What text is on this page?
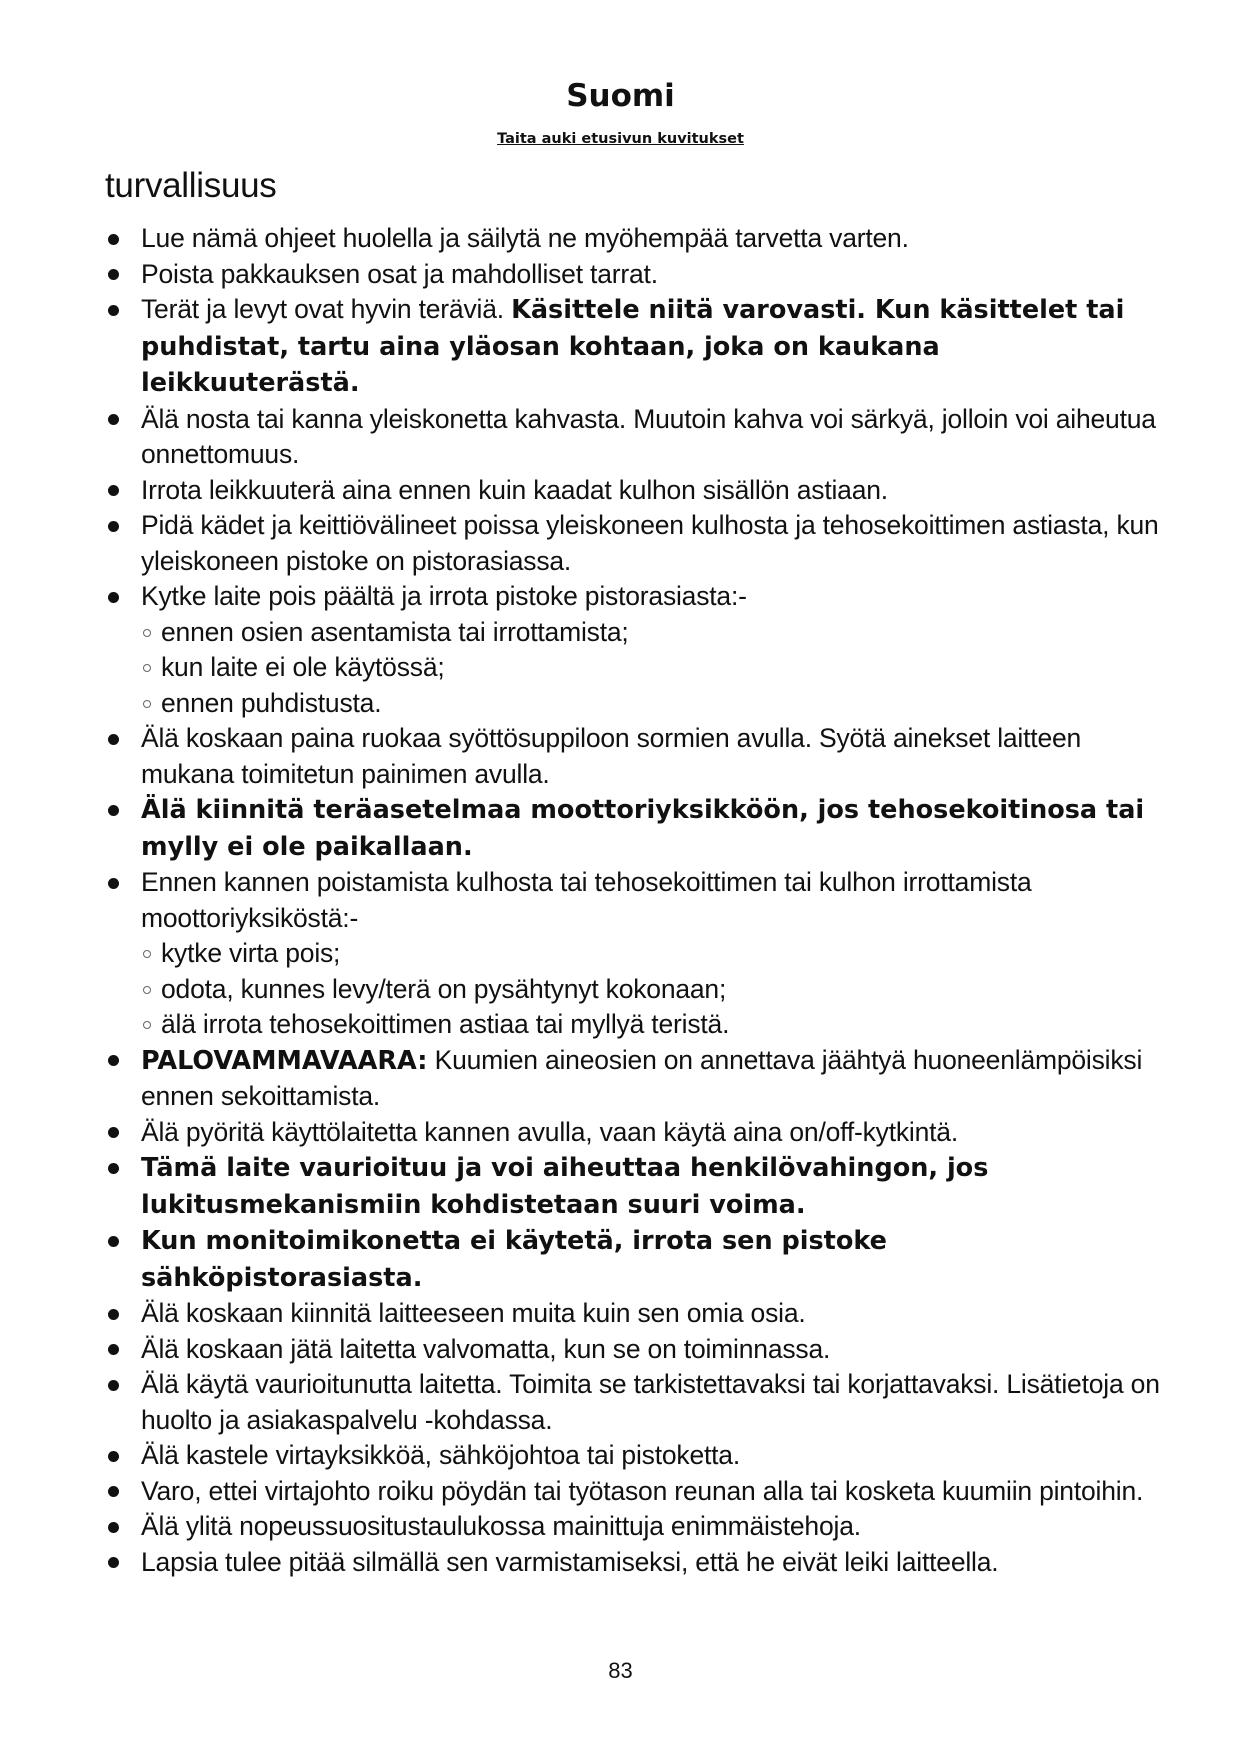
Suomi
Taita auki etusivun kuvitukset
turvallisuus
Lue nämä ohjeet huolella ja säilytä ne myöhempää tarvetta varten.
Poista pakkauksen osat ja mahdolliset tarrat.
Terät ja levyt ovat hyvin teräviä. Käsittele niitä varovasti. Kun käsittelet tai puhdistat, tartu aina yläosan kohtaan, joka on kaukana leikkuuterästä.
Älä nosta tai kanna yleiskonetta kahvasta. Muutoin kahva voi särkyä, jolloin voi aiheutua onnettomuus.
Irrota leikkuuterä aina ennen kuin kaadat kulhon sisällön astiaan.
Pidä kädet ja keittiövälineet poissa yleiskoneen kulhosta ja tehosekoittimen astiasta, kun yleiskoneen pistoke on pistorasiassa.
Kytke laite pois päältä ja irrota pistoke pistorasiasta:-
ennen osien asentamista tai irrottamista;
kun laite ei ole käytössä;
ennen puhdistusta.
Älä koskaan paina ruokaa syöttösuppiloon sormien avulla. Syötä ainekset laitteen mukana toimitetun painimen avulla.
Älä kiinnitä teräasetelmaa moottoriyksikköön, jos tehosekoitinosa tai mylly ei ole paikallaan.
Ennen kannen poistamista kulhosta tai tehosekoittimen tai kulhon irrottamista moottoriyksiköstä:-
kytke virta pois;
odota, kunnes levy/terä on pysähtynyt kokonaan;
älä irrota tehosekoittimen astiaa tai myllyä teristä.
PALOVAMMAVAARA: Kuumien aineosien on annettava jäähtyä huoneenlämpöisiksi ennen sekoittamista.
Älä pyöritä käyttölaitetta kannen avulla, vaan käytä aina on/off-kytkintä.
Tämä laite vaurioituu ja voi aiheuttaa henkilövahingon, jos lukitusmekanismiin kohdistetaan suuri voima.
Kun monitoimikonetta ei käytetä, irrota sen pistoke sähköpistorasiasta.
Älä koskaan kiinnitä laitteeseen muita kuin sen omia osia.
Älä koskaan jätä laitetta valvomatta, kun se on toiminnassa.
Älä käytä vaurioitunutta laitetta. Toimita se tarkistettavaksi tai korjattavaksi. Lisätietoja on huolto ja asiakaspalvelu -kohdassa.
Älä kastele virtayksikköä, sähköjohtoa tai pistoketta.
Varo, ettei virtajohto roiku pöydän tai työtason reunan alla tai kosketa kuumiin pintoihin.
Älä ylitä nopeussuositustaulukossa mainittuja enimmäistehoja.
Lapsia tulee pitää silmällä sen varmistamiseksi, että he eivät leiki laitteella.
83
